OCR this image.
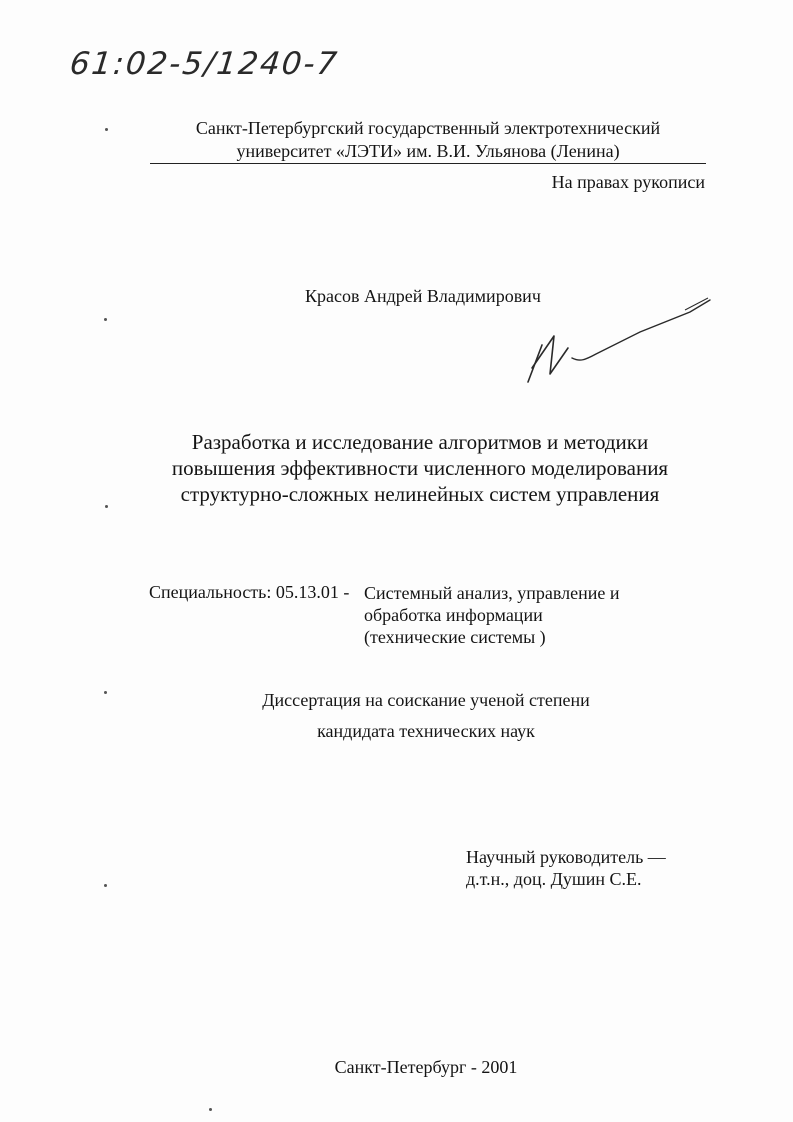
61:02-5/1240-7
Санкт-Петербургский государственный электротехнический
университет «ЛЭТИ» им. В.И. Ульянова (Ленина)
На правах рукописи
Красов Андрей Владимирович
Разработка и исследование алгоритмов и методики
повышения эффективности численного моделирования
структурно-сложных нелинейных систем управления
Специальность: 05.13.01 - Системный анализ, управление и
обработка информации
(технические системы )
Диссертация на соискание ученой степени
кандидата технических наук
Научный руководитель —
д.т.н., доц. Душин С.Е.
Санкт-Петербург - 2001
